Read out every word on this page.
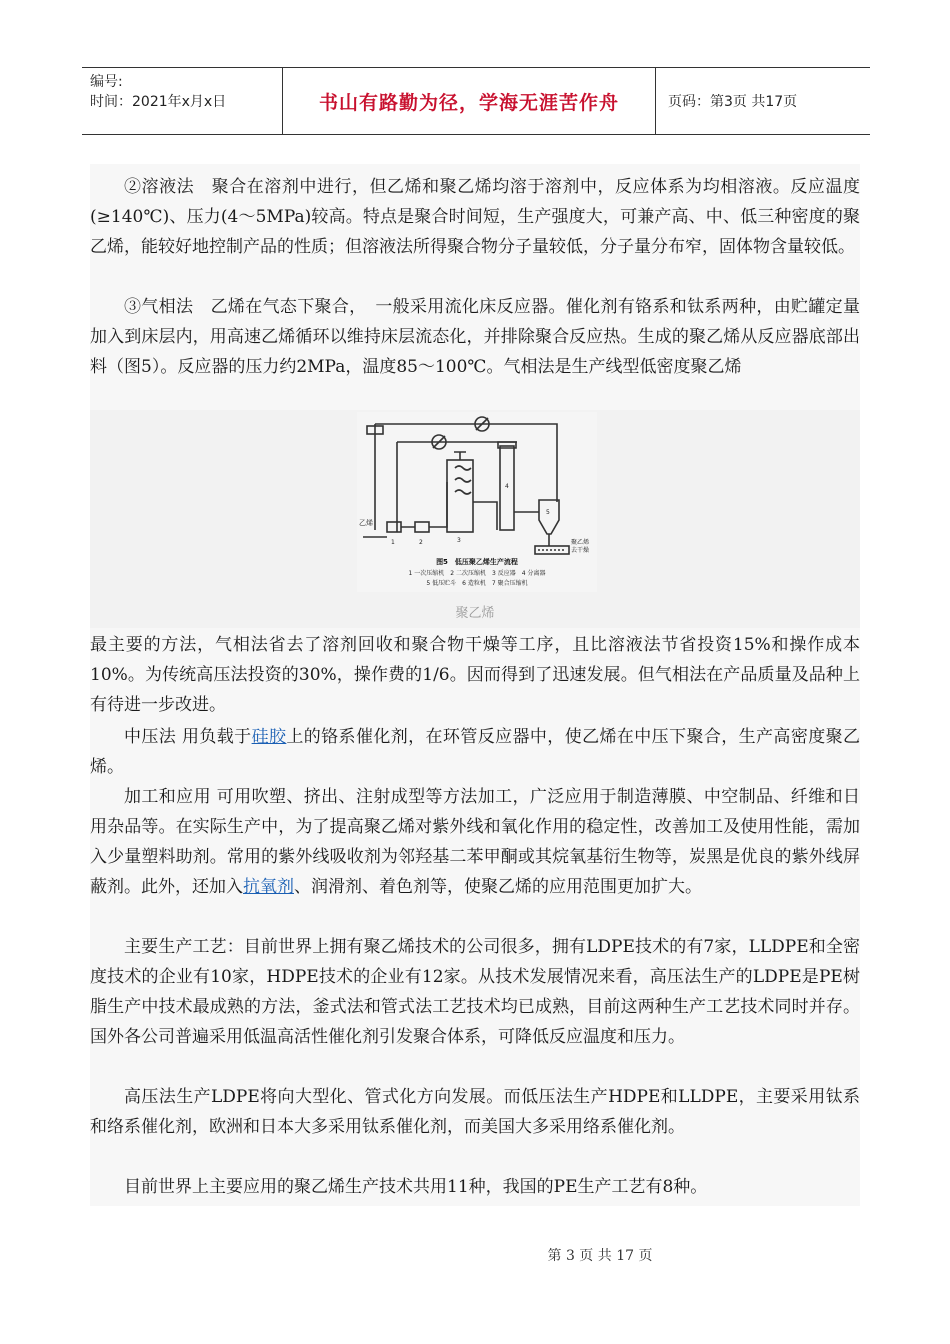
编号:
时间：2021年x月x日	书山有路勤为径，学海无涯苦作舟	页码：第3页 共17页

②溶液法　聚合在溶剂中进行，但乙烯和聚乙烯均溶于溶剂中，反应体系为均相溶液。反应温度(≥140℃)、压力(4～5MPa)较高。特点是聚合时间短，生产强度大，可兼产高、中、低三种密度的聚乙烯，能较好地控制产品的性质；但溶液法所得聚合物分子量较低，分子量分布窄，固体物含量较低。

③气相法　乙烯在气态下聚合，　一般采用流化床反应器。催化剂有铬系和钛系两种，由贮罐定量加入到床层内，用高速乙烯循环以维持床层流态化，并排除聚合反应热。生成的聚乙烯从反应器底部出料（图5）。反应器的压力约2MPa，温度85～100℃。气相法是生产线型低密度聚乙烯

乙烯
聚乙烯
去干燥
1	2	3
4
5
图5　低压聚乙烯生产流程
1 一次压缩机　2 二次压缩机　3 反应器　4 分离器
5 低压贮斗　6 造粒机　7 聚合压缩机
聚乙烯

最主要的方法，气相法省去了溶剂回收和聚合物干燥等工序，且比溶液法节省投资15%和操作成本10%。为传统高压法投资的30%，操作费的1/6。因而得到了迅速发展。但气相法在产品质量及品种上有待进一步改进。

中压法 用负载于硅胶上的铬系催化剂，在环管反应器中，使乙烯在中压下聚合，生产高密度聚乙烯。

加工和应用 可用吹塑、挤出、注射成型等方法加工，广泛应用于制造薄膜、中空制品、纤维和日用杂品等。在实际生产中，为了提高聚乙烯对紫外线和氧化作用的稳定性，改善加工及使用性能，需加入少量塑料助剂。常用的紫外线吸收剂为邻羟基二苯甲酮或其烷氧基衍生物等，炭黑是优良的紫外线屏蔽剂。此外，还加入抗氧剂、润滑剂、着色剂等，使聚乙烯的应用范围更加扩大。

主要生产工艺：目前世界上拥有聚乙烯技术的公司很多，拥有LDPE技术的有7家，LLDPE和全密度技术的企业有10家，HDPE技术的企业有12家。从技术发展情况来看，高压法生产的LDPE是PE树脂生产中技术最成熟的方法，釜式法和管式法工艺技术均已成熟，目前这两种生产工艺技术同时并存。国外各公司普遍采用低温高活性催化剂引发聚合体系，可降低反应温度和压力。

高压法生产LDPE将向大型化、管式化方向发展。而低压法生产HDPE和LLDPE，主要采用钛系和络系催化剂，欧洲和日本大多采用钛系催化剂，而美国大多采用络系催化剂。

目前世界上主要应用的聚乙烯生产技术共用11种，我国的PE生产工艺有8种。

第 3 页 共 17 页
